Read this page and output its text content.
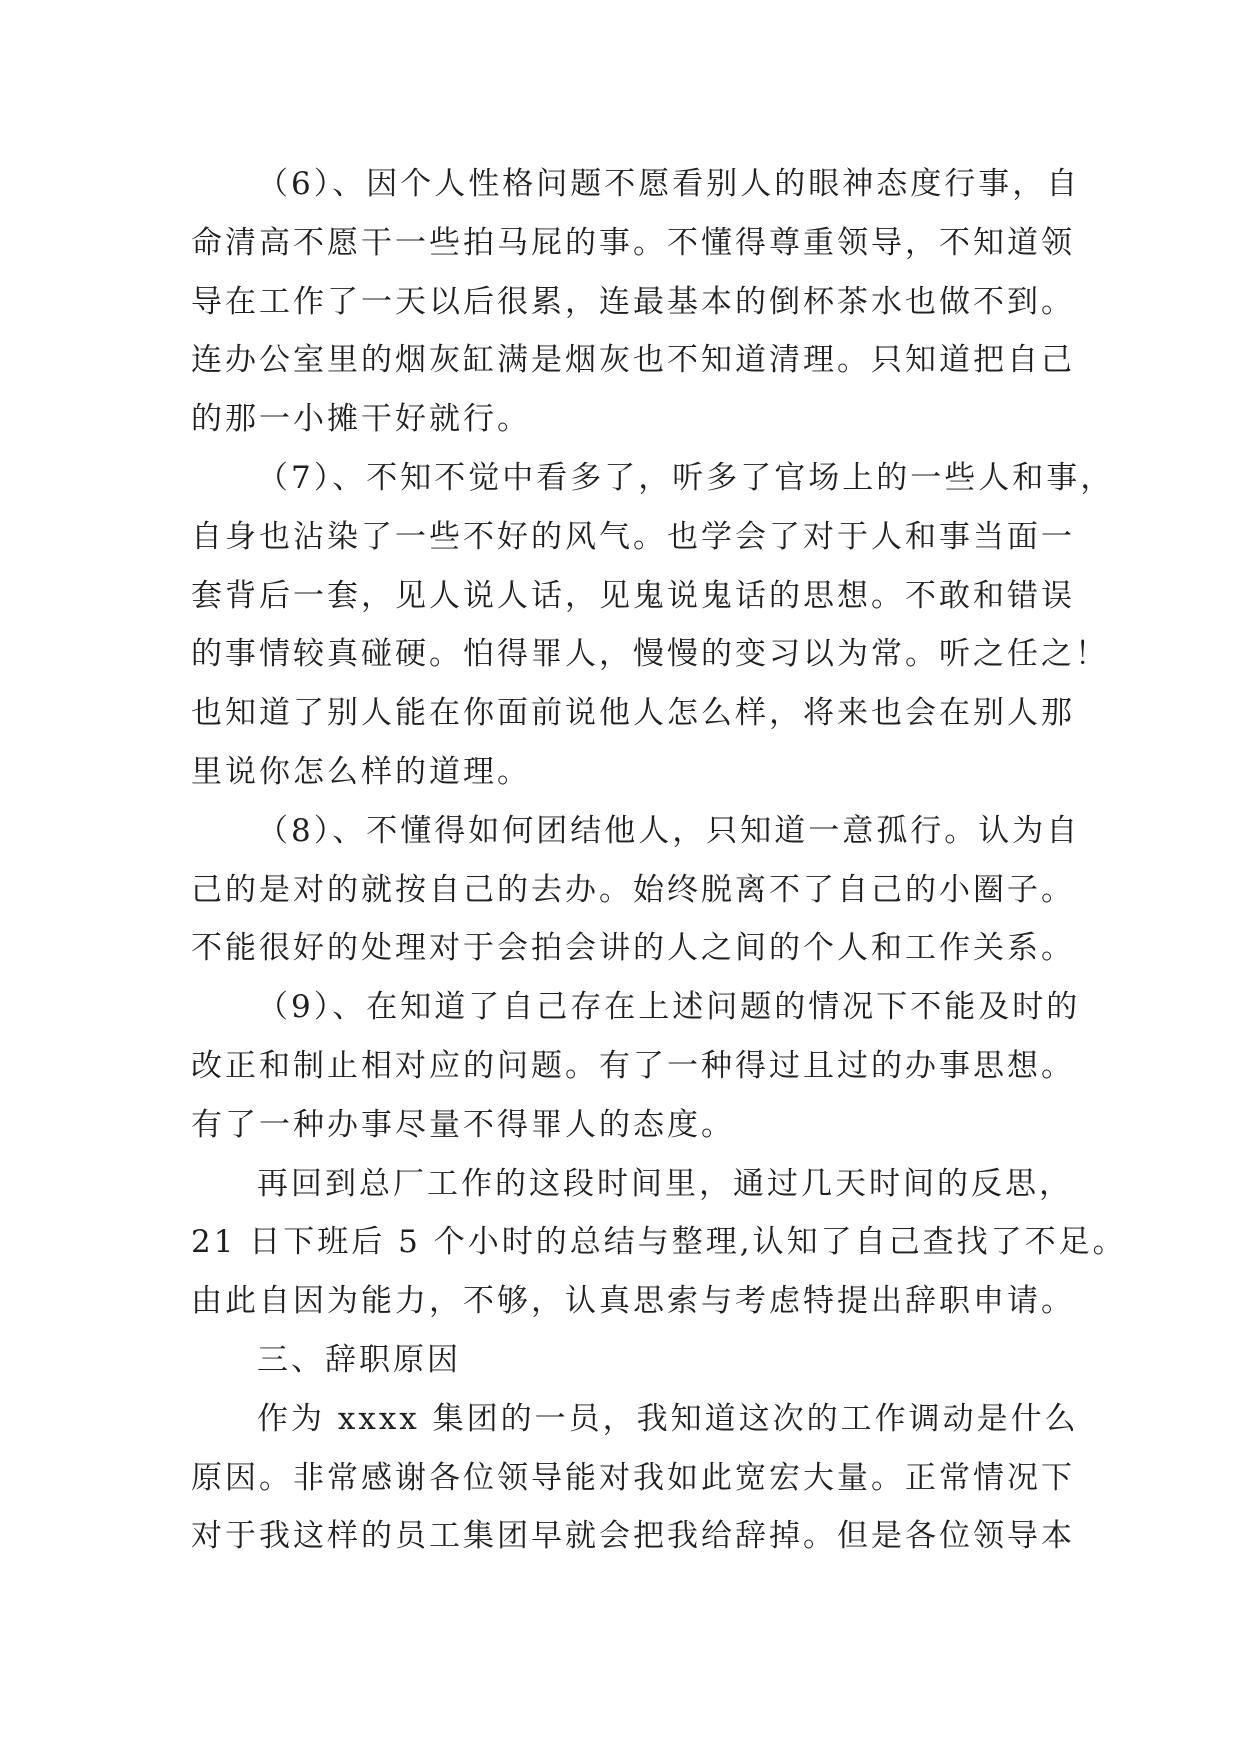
（6）、因个人性格问题不愿看别人的眼神态度行事，自

命清高不愿干一些拍马屁的事。不懂得尊重领导，不知道领

导在工作了一天以后很累，连最基本的倒杯茶水也做不到。

连办公室里的烟灰缸满是烟灰也不知道清理。只知道把自己

的那一小摊干好就行。

（7）、不知不觉中看多了，听多了官场上的一些人和事，

自身也沾染了一些不好的风气。也学会了对于人和事当面一

套背后一套，见人说人话，见鬼说鬼话的思想。不敢和错误

的事情较真碰硬。怕得罪人，慢慢的变习以为常。听之任之！

也知道了别人能在你面前说他人怎么样，将来也会在别人那

里说你怎么样的道理。

（8）、不懂得如何团结他人，只知道一意孤行。认为自

己的是对的就按自己的去办。始终脱离不了自己的小圈子。

不能很好的处理对于会拍会讲的人之间的个人和工作关系。

（9）、在知道了自己存在上述问题的情况下不能及时的

改正和制止相对应的问题。有了一种得过且过的办事思想。

有了一种办事尽量不得罪人的态度。

再回到总厂工作的这段时间里，通过几天时间的反思，

21 日下班后 5 个小时的总结与整理,认知了自己查找了不足。

由此自因为能力，不够，认真思索与考虑特提出辞职申请。

三、辞职原因

作为 xxxx 集团的一员，我知道这次的工作调动是什么

原因。非常感谢各位领导能对我如此宽宏大量。正常情况下

对于我这样的员工集团早就会把我给辞掉。但是各位领导本
